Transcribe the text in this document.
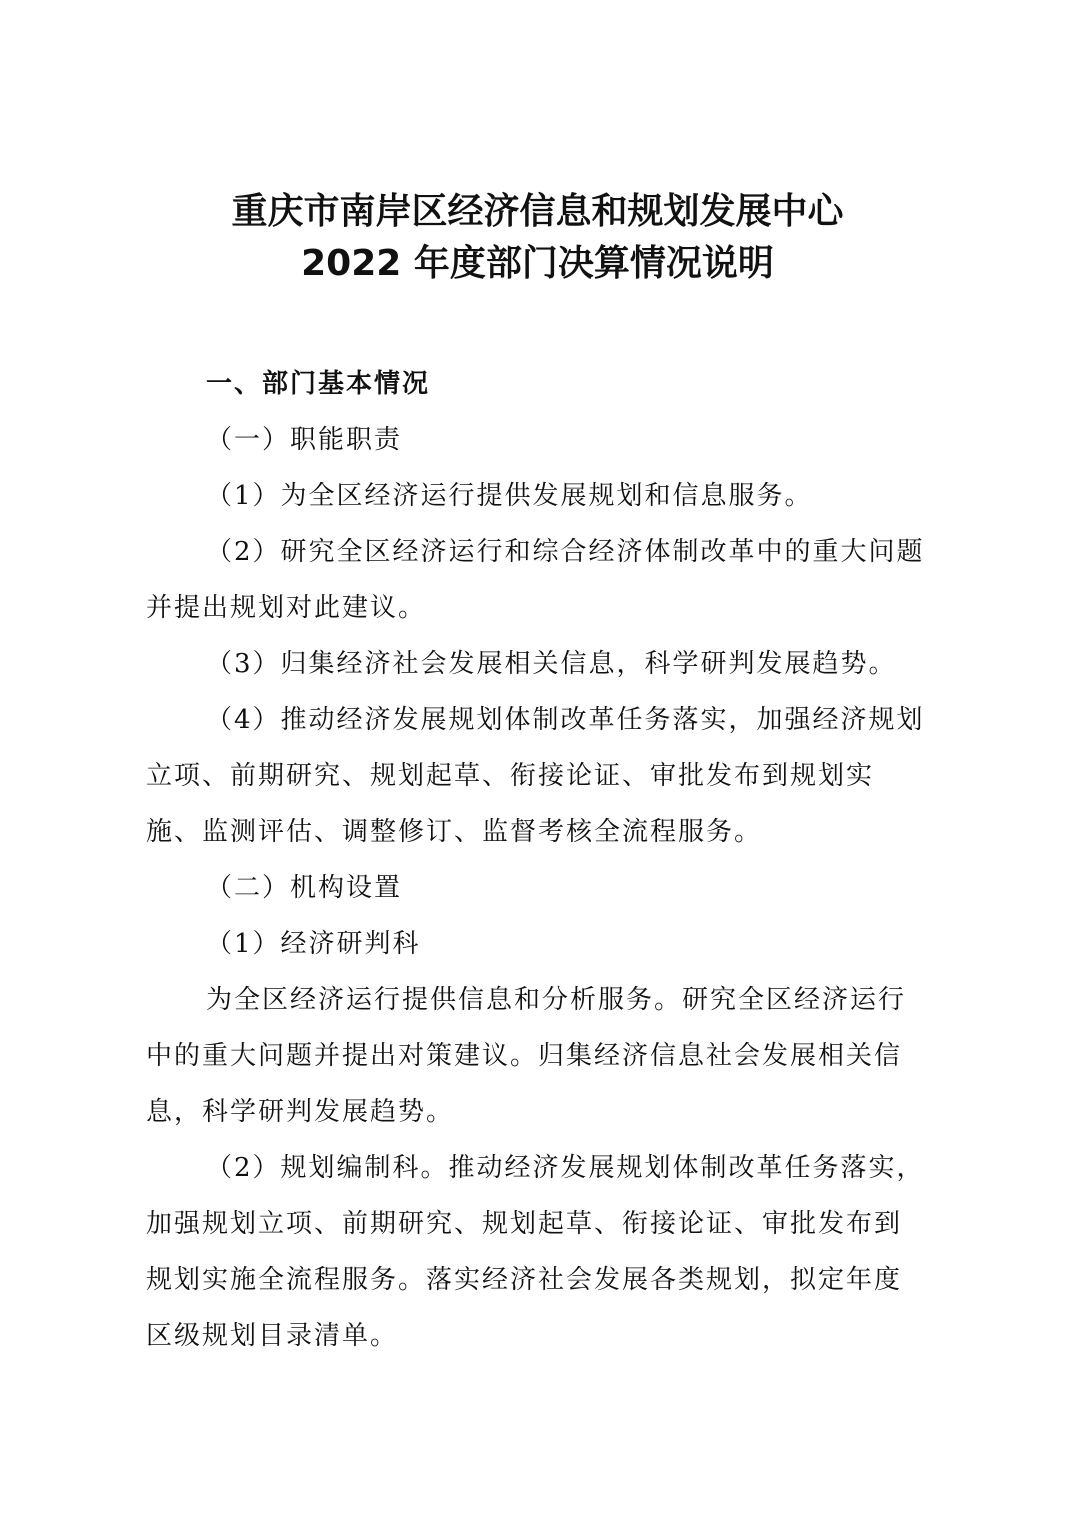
重庆市南岸区经济信息和规划发展中心
2022 年度部门决算情况说明
一、部门基本情况
（一）职能职责
（1）为全区经济运行提供发展规划和信息服务。
（2）研究全区经济运行和综合经济体制改革中的重大问题
并提出规划对此建议。
（3）归集经济社会发展相关信息，科学研判发展趋势。
（4）推动经济发展规划体制改革任务落实，加强经济规划
立项、前期研究、规划起草、衔接论证、审批发布到规划实
施、监测评估、调整修订、监督考核全流程服务。
（二）机构设置
（1）经济研判科
为全区经济运行提供信息和分析服务。研究全区经济运行
中的重大问题并提出对策建议。归集经济信息社会发展相关信
息，科学研判发展趋势。
（2）规划编制科。推动经济发展规划体制改革任务落实，
加强规划立项、前期研究、规划起草、衔接论证、审批发布到
规划实施全流程服务。落实经济社会发展各类规划，拟定年度
区级规划目录清单。
